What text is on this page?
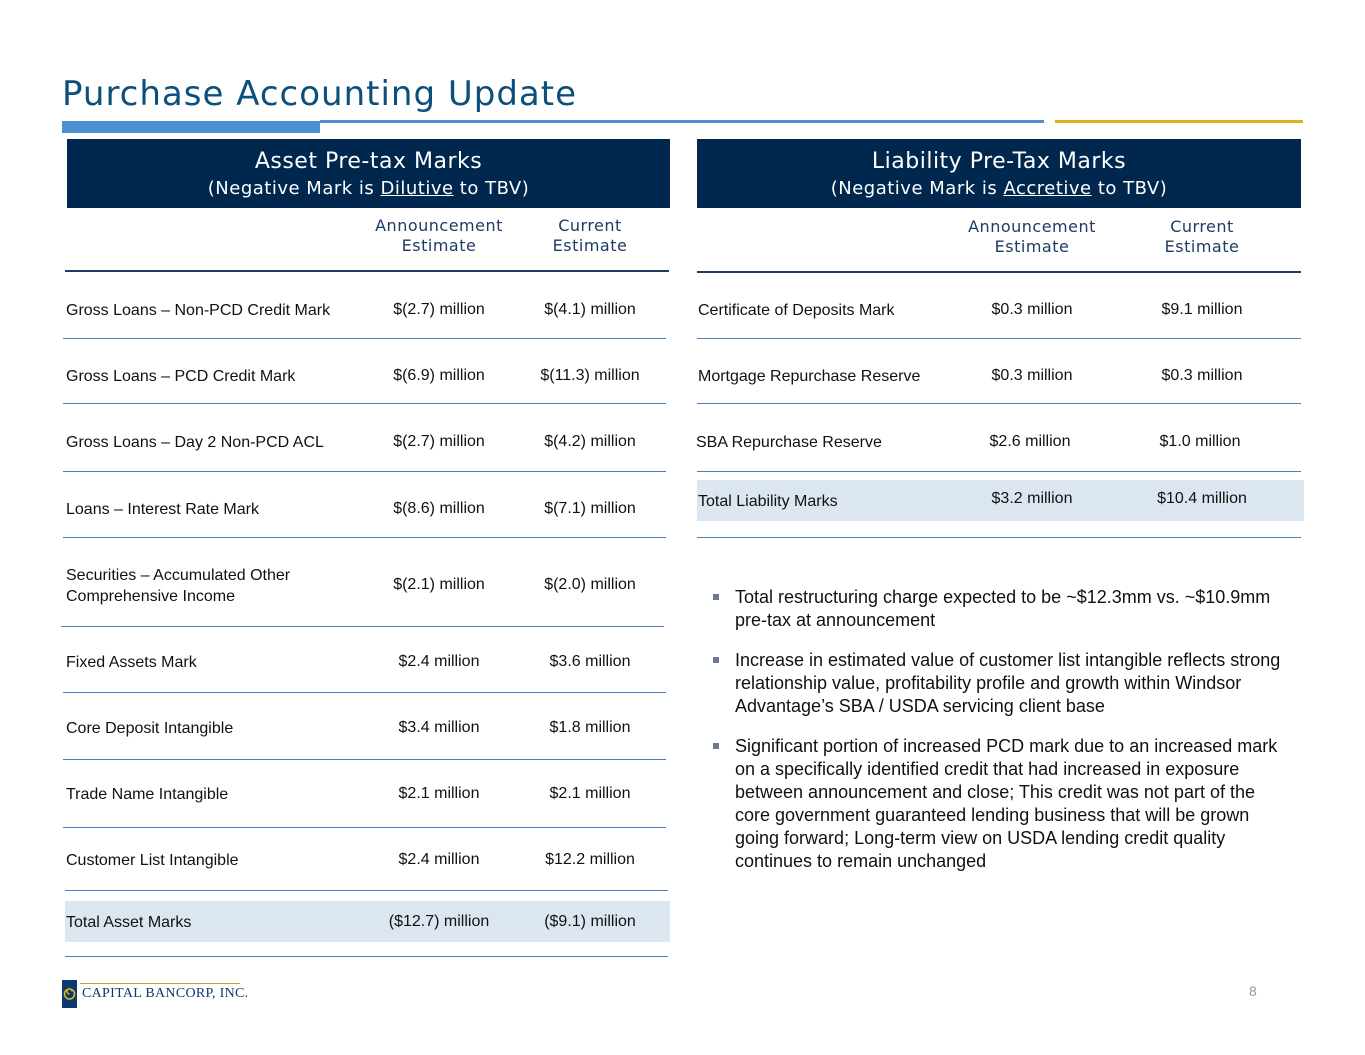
Purchase Accounting Update
Asset Pre-tax Marks
(Negative Mark is Dilutive to TBV)
Announcement
Estimate
Current
Estimate
Gross Loans – Non-PCD Credit Mark	$(2.7) million	$(4.1) million
Gross Loans – PCD Credit Mark	$(6.9) million	$(11.3) million
Gross Loans – Day 2 Non-PCD ACL	$(2.7) million	$(4.2) million
Loans – Interest Rate Mark	$(8.6) million	$(7.1) million
Securities – Accumulated Other
Comprehensive Income
$(2.1) million	$(2.0) million
Fixed Assets Mark	$2.4 million	$3.6 million
Core Deposit Intangible	$3.4 million	$1.8 million
Trade Name Intangible	$2.1 million	$2.1 million
Customer List Intangible	$2.4 million	$12.2 million
Total Asset Marks	($12.7) million	($9.1) million
Liability Pre-Tax Marks
(Negative Mark is Accretive to TBV)
Announcement
Estimate
Current
Estimate
Certificate of Deposits Mark	$0.3 million	$9.1 million
Mortgage Repurchase Reserve	$0.3 million	$0.3 million
SBA Repurchase Reserve	$2.6 million	$1.0 million
Total Liability Marks	$3.2 million	$10.4 million
Total restructuring charge expected to be ~$12.3mm vs. ~$10.9mm pre-tax at announcement
Increase in estimated value of customer list intangible reflects strong relationship value, profitability profile and growth within Windsor Advantage’s SBA / USDA servicing client base
Significant portion of increased PCD mark due to an increased mark on a specifically identified credit that had increased in exposure between announcement and close; This credit was not part of the core government guaranteed lending business that will be grown going forward; Long-term view on USDA lending credit quality continues to remain unchanged
CAPITAL BANCORP, INC.	8
